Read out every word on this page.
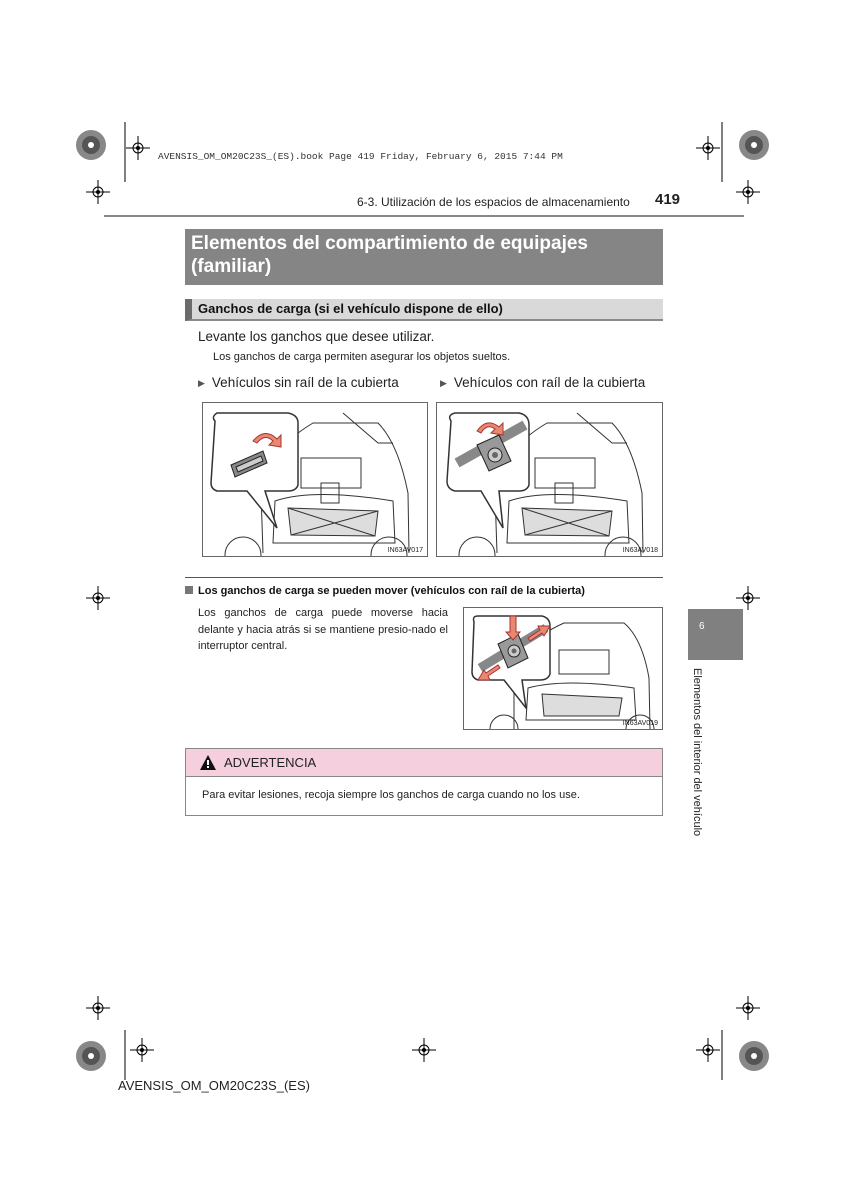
AVENSIS_OM_OM20C23S_(ES).book Page 419 Friday, February 6, 2015 7:44 PM
6-3. Utilización de los espacios de almacenamiento 419
Elementos del compartimiento de equipajes (familiar)
Ganchos de carga (si el vehículo dispone de ello)
Levante los ganchos que desee utilizar.
Los ganchos de carga permiten asegurar los objetos sueltos.
▶ Vehículos sin raíl de la cubierta	▶ Vehículos con raíl de la cubierta
IN63AV017	IN63AV018
Los ganchos de carga se pueden mover (vehículos con raíl de la cubierta)
Los ganchos de carga puede moverse hacia delante y hacia atrás si se mantiene presio-nado el interruptor central.
IN63AV019
ADVERTENCIA
Para evitar lesiones, recoja siempre los ganchos de carga cuando no los use.
6
Elementos del interior del vehículo
AVENSIS_OM_OM20C23S_(ES)
